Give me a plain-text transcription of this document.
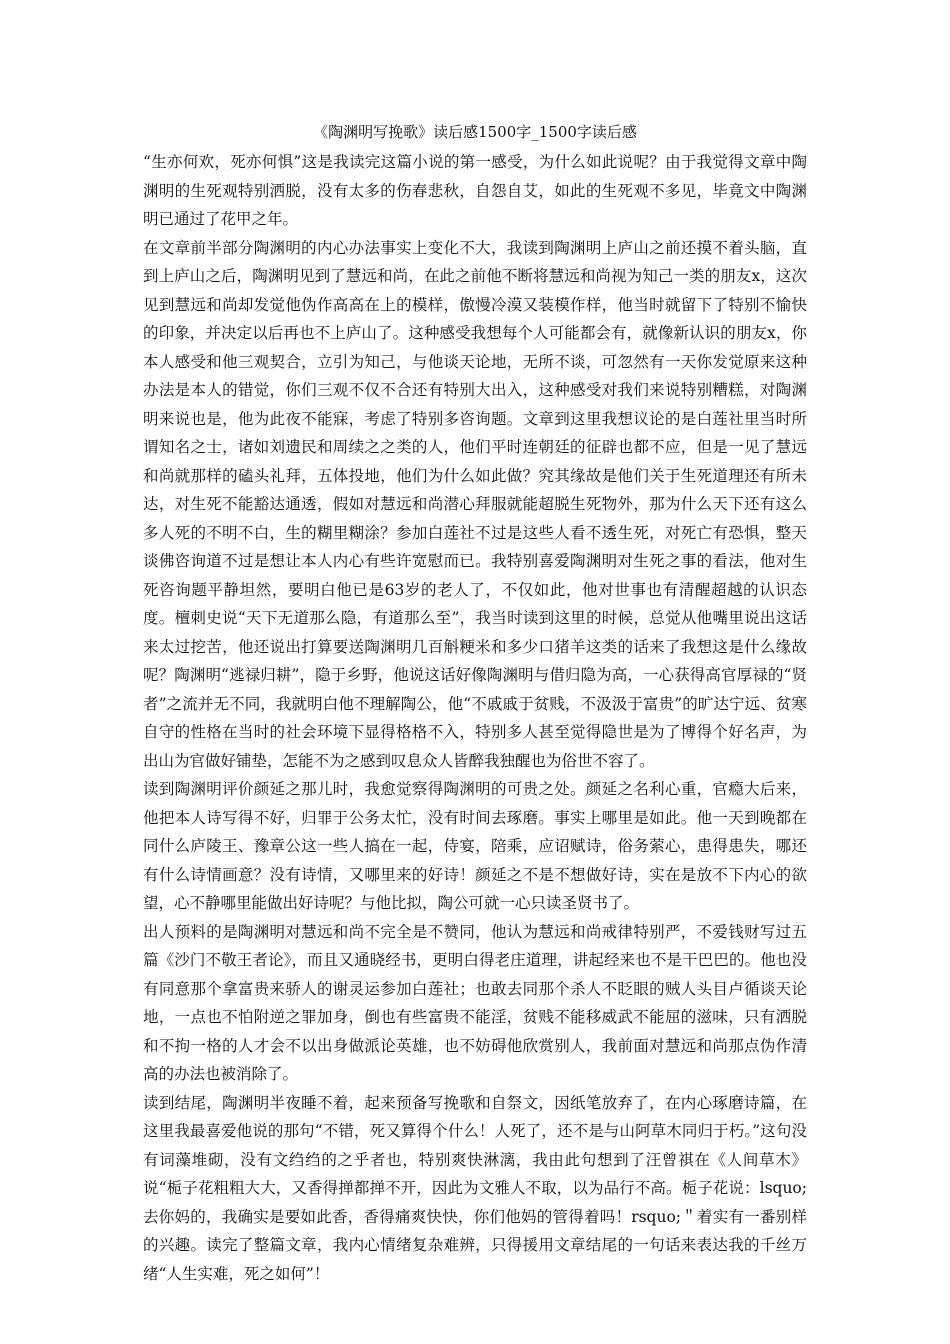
《陶渊明写挽歌》读后感1500字_1500字读后感

“生亦何欢，死亦何惧”这是我读完这篇小说的第一感受，为什么如此说呢？由于我觉得文章中陶渊明的生死观特别洒脱，没有太多的伤春悲秋，自怨自艾，如此的生死观不多见，毕竟文中陶渊明已通过了花甲之年。

在文章前半部分陶渊明的内心办法事实上变化不大，我读到陶渊明上庐山之前还摸不着头脑，直到上庐山之后，陶渊明见到了慧远和尚，在此之前他不断将慧远和尚视为知己一类的朋友x，这次见到慧远和尚却发觉他伪作高高在上的模样，傲慢冷漠又装模作样，他当时就留下了特别不愉快的印象，并决定以后再也不上庐山了。这种感受我想每个人可能都会有，就像新认识的朋友x，你本人感受和他三观契合，立引为知己，与他谈天论地，无所不谈，可忽然有一天你发觉原来这种办法是本人的错觉，你们三观不仅不合还有特别大出入，这种感受对我们来说特别糟糕，对陶渊明来说也是，他为此夜不能寐，考虑了特别多咨询题。文章到这里我想议论的是白莲社里当时所谓知名之士，诸如刘遗民和周续之之类的人，他们平时连朝廷的征辟也都不应，但是一见了慧远和尚就那样的磕头礼拜，五体投地，他们为什么如此做？究其缘故是他们关于生死道理还有所未达，对生死不能豁达通透，假如对慧远和尚潜心拜服就能超脱生死物外，那为什么天下还有这么多人死的不明不白，生的糊里糊涂？参加白莲社不过是这些人看不透生死，对死亡有恐惧，整天谈佛咨询道不过是想让本人内心有些许宽慰而已。我特别喜爱陶渊明对生死之事的看法，他对生死咨询题平静坦然，要明白他已是63岁的老人了，不仅如此，他对世事也有清醒超越的认识态度。檀刺史说“天下无道那么隐，有道那么至”，我当时读到这里的时候，总觉从他嘴里说出这话来太过挖苦，他还说出打算要送陶渊明几百斛粳米和多少口猪羊这类的话来了我想这是什么缘故呢？陶渊明“逃禄归耕”，隐于乡野，他说这话好像陶渊明与借归隐为高，一心获得高官厚禄的“贤者”之流并无不同，我就明白他不理解陶公，他“不戚戚于贫贱，不汲汲于富贵”的旷达宁远、贫寒自守的性格在当时的社会环境下显得格格不入，特别多人甚至觉得隐世是为了博得个好名声，为出山为官做好铺垫，怎能不为之感到叹息众人皆醉我独醒也为俗世不容了。

读到陶渊明评价颜延之那儿时，我愈觉察得陶渊明的可贵之处。颜延之名利心重，官瘾大后来，他把本人诗写得不好，归罪于公务太忙，没有时间去琢磨。事实上哪里是如此。他一天到晚都在同什么庐陵王、豫章公这一些人搞在一起，侍宴，陪乘，应诏赋诗，俗务萦心，患得患失，哪还有什么诗情画意？没有诗情，又哪里来的好诗！颜延之不是不想做好诗，实在是放不下内心的欲望，心不静哪里能做出好诗呢？与他比拟，陶公可就一心只读圣贤书了。

出人预料的是陶渊明对慧远和尚不完全是不赞同，他认为慧远和尚戒律特别严，不爱钱财写过五篇《沙门不敬王者论》，而且又通晓经书，更明白得老庄道理，讲起经来也不是干巴巴的。他也没有同意那个拿富贵来骄人的谢灵运参加白莲社；也敢去同那个杀人不眨眼的贼人头目卢循谈天论地，一点也不怕附逆之罪加身，倒也有些富贵不能淫，贫贱不能移威武不能屈的滋味，只有洒脱和不拘一格的人才会不以出身做派论英雄，也不妨碍他欣赏别人，我前面对慧远和尚那点伪作清高的办法也被消除了。

读到结尾，陶渊明半夜睡不着，起来预备写挽歌和自祭文，因纸笔放弃了，在内心琢磨诗篇，在这里我最喜爱他说的那句“不错，死又算得个什么！人死了，还不是与山阿草木同归于朽。”这句没有词藻堆砌，没有文绉绉的之乎者也，特别爽快淋漓，我由此句想到了汪曾祺在《人间草木》说“栀子花粗粗大大，又香得掸都掸不开，因此为文雅人不取，以为品行不高。栀子花说：lsquo;去你妈的，我确实是要如此香，香得痛爽快快，你们他妈的管得着吗！rsquo;＂着实有一番别样的兴趣。读完了整篇文章，我内心情绪复杂难辨，只得援用文章结尾的一句话来表达我的千丝万绪“人生实难，死之如何”！
